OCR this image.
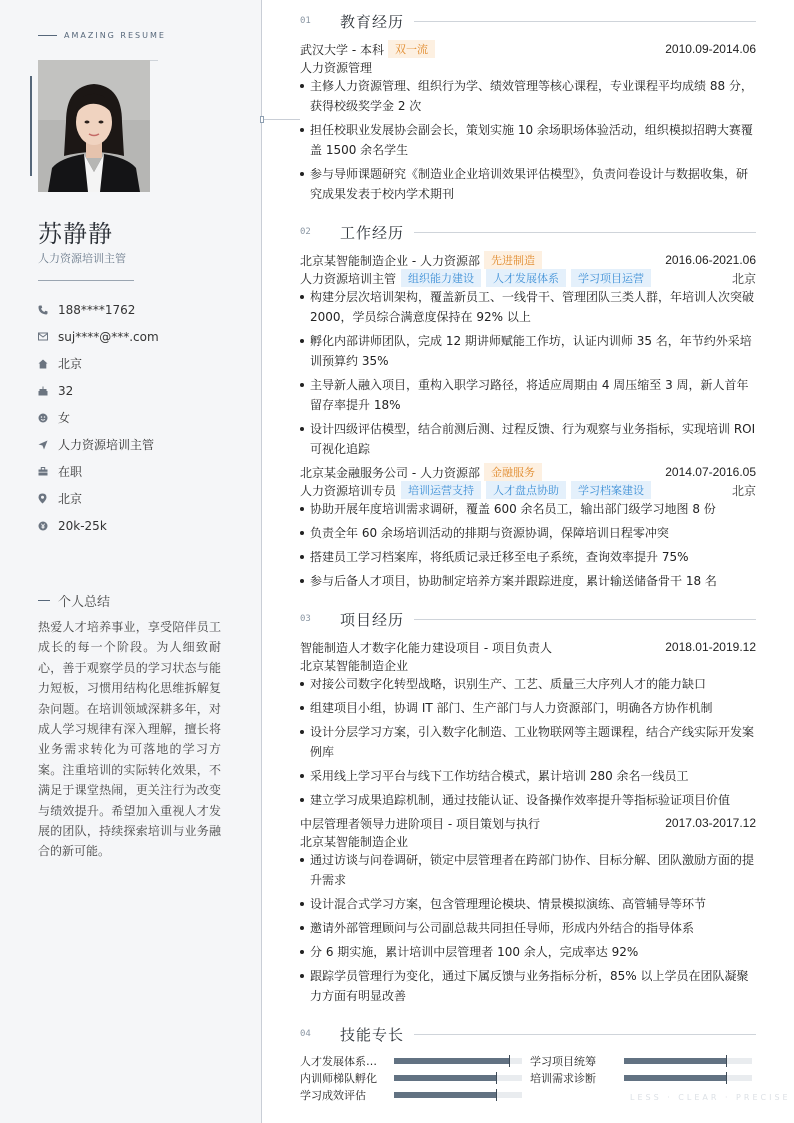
AMAZING RESUME
苏静静
人力资源培训主管
188****1762
suj****@***.com
北京
32
女
人力资源培训主管
在职
北京
20k-25k
个人总结
热爱人才培养事业，享受陪伴员工成长的每一个阶段。为人细致耐心，善于观察学员的学习状态与能力短板，习惯用结构化思维拆解复杂问题。在培训领域深耕多年，对成人学习规律有深入理解，擅长将业务需求转化为可落地的学习方案。注重培训的实际转化效果，不满足于课堂热闹，更关注行为改变与绩效提升。希望加入重视人才发展的团队，持续探索培训与业务融合的新可能。
01	教育经历
武汉大学 - 本科	双一流	2010.09-2014.06
人力资源管理
主修人力资源管理、组织行为学、绩效管理等核心课程，专业课程平均成绩 88 分，获得校级奖学金 2 次
担任校职业发展协会副会长，策划实施 10 余场职场体验活动，组织模拟招聘大赛覆盖 1500 余名学生
参与导师课题研究《制造业企业培训效果评估模型》，负责问卷设计与数据收集，研究成果发表于校内学术期刊
02	工作经历
北京某智能制造企业 - 人力资源部	先进制造	2016.06-2021.06
人力资源培训主管	组织能力建设	人才发展体系	学习项目运营	北京
构建分层次培训架构，覆盖新员工、一线骨干、管理团队三类人群，年培训人次突破 2000，学员综合满意度保持在 92% 以上
孵化内部讲师团队，完成 12 期讲师赋能工作坊，认证内训师 35 名，年节约外采培训预算约 35%
主导新人融入项目，重构入职学习路径，将适应周期由 4 周压缩至 3 周，新人首年留存率提升 18%
设计四级评估模型，结合前测后测、过程反馈、行为观察与业务指标，实现培训 ROI 可视化追踪
北京某金融服务公司 - 人力资源部	金融服务	2014.07-2016.05
人力资源培训专员	培训运营支持	人才盘点协助	学习档案建设	北京
协助开展年度培训需求调研，覆盖 600 余名员工，输出部门级学习地图 8 份
负责全年 60 余场培训活动的排期与资源协调，保障培训日程零冲突
搭建员工学习档案库，将纸质记录迁移至电子系统，查询效率提升 75%
参与后备人才项目，协助制定培养方案并跟踪进度，累计输送储备骨干 18 名
03	项目经历
智能制造人才数字化能力建设项目 - 项目负责人	2018.01-2019.12
北京某智能制造企业
对接公司数字化转型战略，识别生产、工艺、质量三大序列人才的能力缺口
组建项目小组，协调 IT 部门、生产部门与人力资源部门，明确各方协作机制
设计分层学习方案，引入数字化制造、工业物联网等主题课程，结合产线实际开发案例库
采用线上学习平台与线下工作坊结合模式，累计培训 280 余名一线员工
建立学习成果追踪机制，通过技能认证、设备操作效率提升等指标验证项目价值
中层管理者领导力进阶项目 - 项目策划与执行	2017.03-2017.12
北京某智能制造企业
通过访谈与问卷调研，锁定中层管理者在跨部门协作、目标分解、团队激励方面的提升需求
设计混合式学习方案，包含管理理论模块、情景模拟演练、高管辅导等环节
邀请外部管理顾问与公司副总裁共同担任导师，形成内外结合的指导体系
分 6 期实施，累计培训中层管理者 100 余人，完成率达 92%
跟踪学员管理行为变化，通过下属反馈与业务指标分析，85% 以上学员在团队凝聚力方面有明显改善
04	技能专长
人才发展体系…	学习项目统筹
内训师梯队孵化	培训需求诊断
学习成效评估	LESS · CLEAR · PRECISE
